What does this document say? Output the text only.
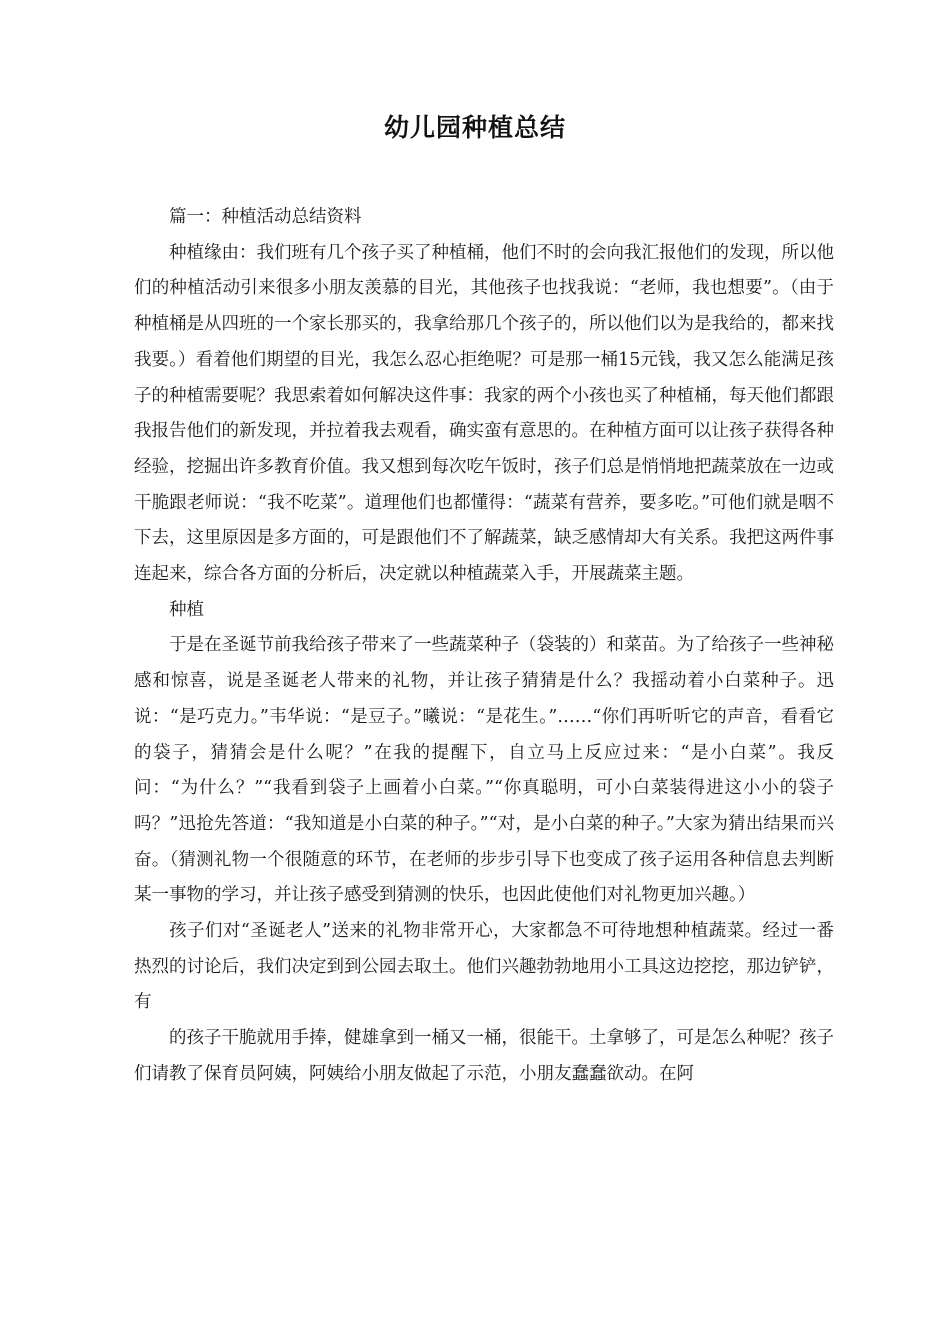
幼儿园种植总结

篇一：种植活动总结资料

种植缘由：我们班有几个孩子买了种植桶，他们不时的会向我汇报他们的发现，所以他们的种植活动引来很多小朋友羡慕的目光，其他孩子也找我说：“老师，我也想要”。（由于种植桶是从四班的一个家长那买的，我拿给那几个孩子的，所以他们以为是我给的，都来找我要。）看着他们期望的目光，我怎么忍心拒绝呢？可是那一桶15元钱，我又怎么能满足孩子的种植需要呢？我思索着如何解决这件事：我家的两个小孩也买了种植桶，每天他们都跟我报告他们的新发现，并拉着我去观看，确实蛮有意思的。在种植方面可以让孩子获得各种经验，挖掘出许多教育价值。我又想到每次吃午饭时，孩子们总是悄悄地把蔬菜放在一边或干脆跟老师说：“我不吃菜”。道理他们也都懂得：“蔬菜有营养，要多吃。”可他们就是咽不下去，这里原因是多方面的，可是跟他们不了解蔬菜，缺乏感情却大有关系。我把这两件事连起来，综合各方面的分析后，决定就以种植蔬菜入手，开展蔬菜主题。

种植

于是在圣诞节前我给孩子带来了一些蔬菜种子（袋装的）和菜苗。为了给孩子一些神秘感和惊喜，说是圣诞老人带来的礼物，并让孩子猜猜是什么？我摇动着小白菜种子。迅说：“是巧克力。”韦华说：“是豆子。”曦说：“是花生。”……“你们再听听它的声音，看看它的袋子，猜猜会是什么呢？”在我的提醒下，自立马上反应过来：“是小白菜”。我反问：“为什么？”“我看到袋子上画着小白菜。”“你真聪明，可小白菜装得进这小小的袋子吗？”迅抢先答道：“我知道是小白菜的种子。”“对，是小白菜的种子。”大家为猜出结果而兴奋。（猜测礼物一个很随意的环节，在老师的步步引导下也变成了孩子运用各种信息去判断某一事物的学习，并让孩子感受到猜测的快乐，也因此使他们对礼物更加兴趣。）

孩子们对“圣诞老人”送来的礼物非常开心，大家都急不可待地想种植蔬菜。经过一番热烈的讨论后，我们决定到到公园去取土。他们兴趣勃勃地用小工具这边挖挖，那边铲铲，有

的孩子干脆就用手捧，健雄拿到一桶又一桶，很能干。土拿够了，可是怎么种呢？孩子们请教了保育员阿姨，阿姨给小朋友做起了示范，小朋友蠢蠢欲动。在阿
